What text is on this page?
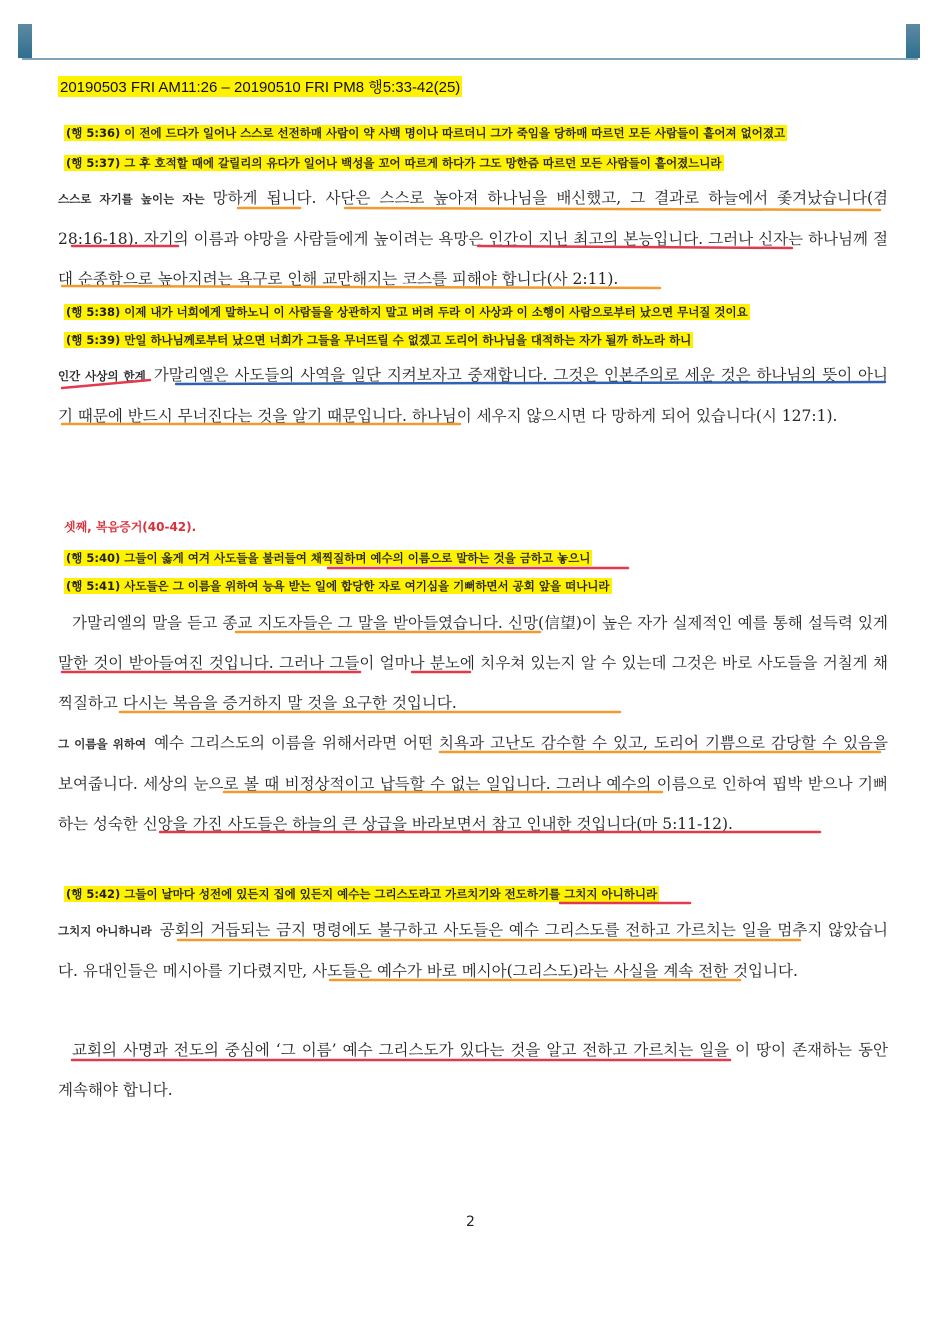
20190503 FRI AM11:26 – 20190510 FRI PM8 행5:33-42(25)
(행 5:36) 이 전에 드다가 일어나 스스로 선전하매 사람이 약 사백 명이나 따르더니 그가 죽임을 당하매 따르던 모든 사람들이 흩어져 없어졌고
(행 5:37) 그 후 호적할 때에 갈릴리의 유다가 일어나 백성을 꼬어 따르게 하다가 그도 망한즘 따르던 모든 사람들이 흩어졌느니라
스스로 자기를 높이는 자는 망하게 됩니다. 사단은 스스로 높아져 하나님을 배신했고, 그 결과로 하늘에서 좇겨났습니다(겸 28:16-18). 자기의 이름과 야망을 사람들에게 높이려는 욕망은 인간이 지닌 최고의 본능입니다. 그러나 신자는 하나님께 절대 순종함으로 높아지려는 욕구로 인해 교만해지는 코스를 피해야 합니다(사 2:11).
(행 5:38) 이제 내가 너희에게 말하노니 이 사람들을 상관하지 말고 버려 두라 이 사상과 이 소행이 사람으로부터 났으면 무너질 것이요
(행 5:39) 만일 하나님께로부터 났으면 너희가 그들을 무너뜨릴 수 없겠고 도리어 하나님을 대적하는 자가 될까 하노라 하니
인간 사상의 한계 가말리엘은 사도들의 사역을 일단 지켜보자고 중재합니다. 그것은 인본주의로 세운 것은 하나님의 뜻이 아니기 때문에 반드시 무너진다는 것을 알기 때문입니다. 하나님이 세우지 않으시면 다 망하게 되어 있습니다(시 127:1).
셋째, 복음증거(40-42).
(행 5:40) 그들이 옳게 여겨 사도들을 불러들여 채찍질하며 예수의 이름으로 말하는 것을 금하고 놓으니
(행 5:41) 사도들은 그 이름을 위하여 능욕 받는 일에 합당한 자로 여기심을 기뻐하면서 공회 앞을 떠나니라
가말리엘의 말을 듣고 종교 지도자들은 그 말을 받아들였습니다. 신망(信望)이 높은 자가 실제적인 예를 통해 설득력 있게 말한 것이 받아들여진 것입니다. 그러나 그들이 얼마나 분노에 치우쳐 있는지 알 수 있는데 그것은 바로 사도들을 거칠게 채찍질하고 다시는 복음을 증거하지 말 것을 요구한 것입니다.
그 이름을 위하여 예수 그리스도의 이름을 위해서라면 어떤 치욕과 고난도 감수할 수 있고, 도리어 기쁨으로 감당할 수 있음을 보여줍니다. 세상의 눈으로 볼 때 비정상적이고 납득할 수 없는 일입니다. 그러나 예수의 이름으로 인하여 핍박 받으나 기뻐하는 성숙한 신앙을 가진 사도들은 하늘의 큰 상급을 바라보면서 참고 인내한 것입니다(마 5:11-12).
(행 5:42) 그들이 날마다 성전에 있든지 집에 있든지 예수는 그리스도라고 가르치기와 전도하기를 그치지 아니하니라
그치지 아니하니라 공회의 거듭되는 금지 명령에도 불구하고 사도들은 예수 그리스도를 전하고 가르치는 일을 멈추지 않았습니다. 유대인들은 메시아를 기다렸지만, 사도들은 예수가 바로 메시아(그리스도)라는 사실을 계속 전한 것입니다.
교회의 사명과 전도의 중심에 ‘그 이름’ 예수 그리스도가 있다는 것을 알고 전하고 가르치는 일을 이 땅이 존재하는 동안 계속해야 합니다.
2
